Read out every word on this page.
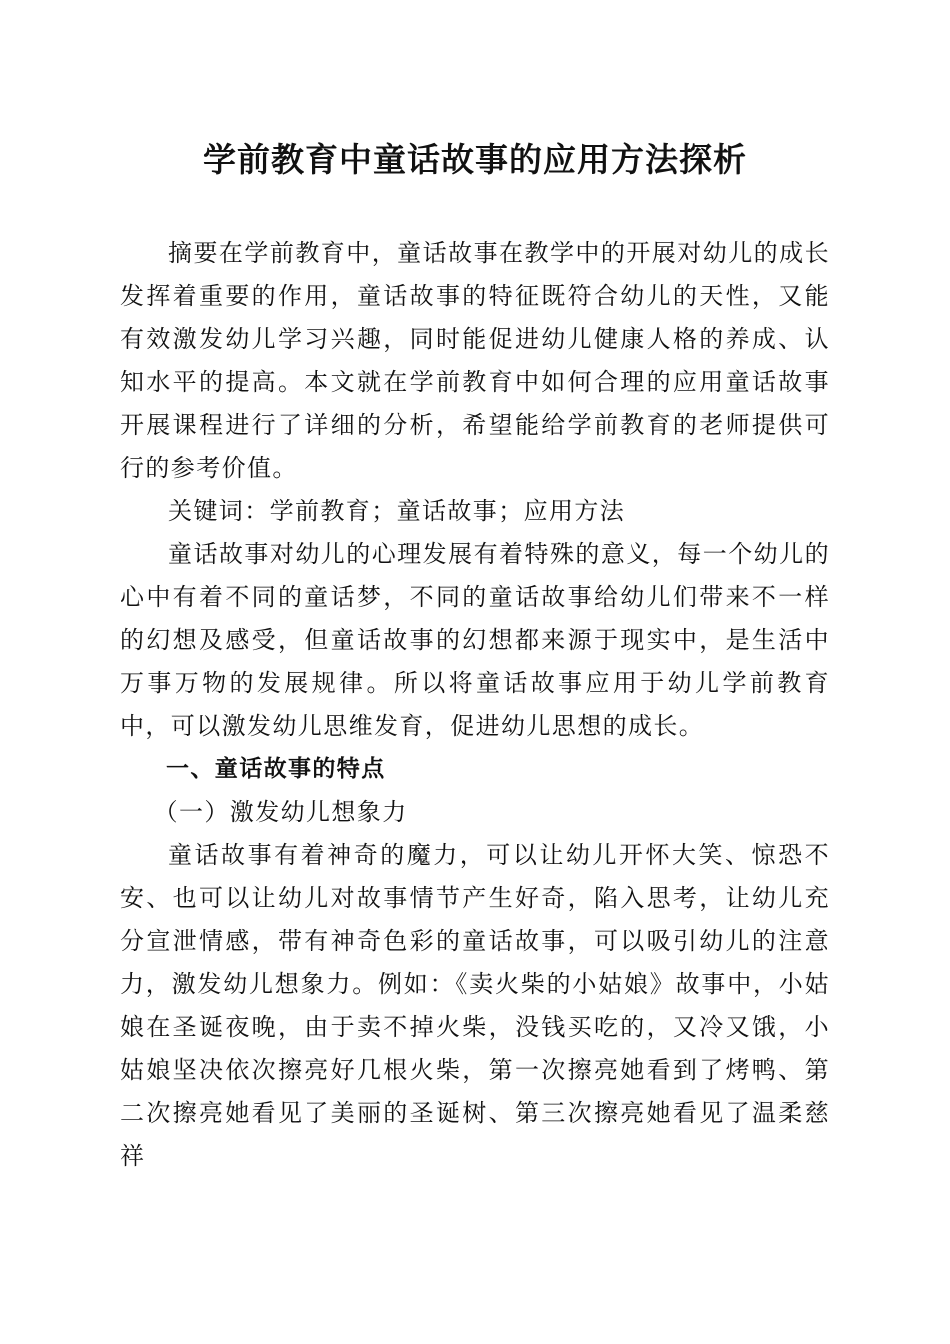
学前教育中童话故事的应用方法探析

摘要在学前教育中，童话故事在教学中的开展对幼儿的成长发挥着重要的作用，童话故事的特征既符合幼儿的天性，又能有效激发幼儿学习兴趣，同时能促进幼儿健康人格的养成、认知水平的提高。本文就在学前教育中如何合理的应用童话故事开展课程进行了详细的分析，希望能给学前教育的老师提供可行的参考价值。

关键词：学前教育；童话故事；应用方法

童话故事对幼儿的心理发展有着特殊的意义，每一个幼儿的心中有着不同的童话梦，不同的童话故事给幼儿们带来不一样的幻想及感受，但童话故事的幻想都来源于现实中，是生活中万事万物的发展规律。所以将童话故事应用于幼儿学前教育中，可以激发幼儿思维发育，促进幼儿思想的成长。

一、童话故事的特点

（一）激发幼儿想象力

童话故事有着神奇的魔力，可以让幼儿开怀大笑、惊恐不安、也可以让幼儿对故事情节产生好奇，陷入思考，让幼儿充分宣泄情感，带有神奇色彩的童话故事，可以吸引幼儿的注意力，激发幼儿想象力。例如：《卖火柴的小姑娘》故事中，小姑娘在圣诞夜晚，由于卖不掉火柴，没钱买吃的，又冷又饿，小姑娘坚决依次擦亮好几根火柴，第一次擦亮她看到了烤鸭、第二次擦亮她看见了美丽的圣诞树、第三次擦亮她看见了温柔慈祥
